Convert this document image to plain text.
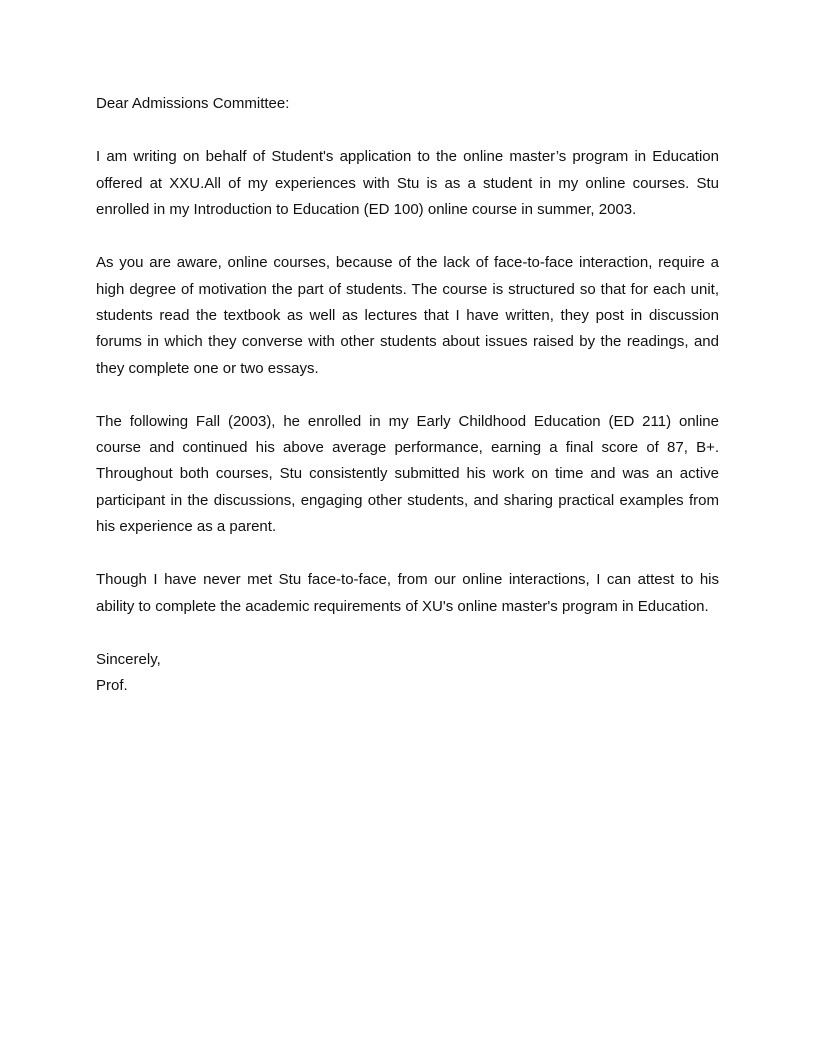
Dear Admissions Committee:

I am writing on behalf of Student's application to the online master’s program in Education offered at XXU.All of my experiences with Stu is as a student in my online courses. Stu enrolled in my Introduction to Education (ED 100) online course in summer, 2003.

As you are aware, online courses, because of the lack of face-to-face interaction, require a high degree of motivation the part of students. The course is structured so that for each unit, students read the textbook as well as lectures that I have written, they post in discussion forums in which they converse with other students about issues raised by the readings, and they complete one or two essays.

The following Fall (2003), he enrolled in my Early Childhood Education (ED 211) online course and continued his above average performance, earning a final score of 87, B+. Throughout both courses, Stu consistently submitted his work on time and was an active participant in the discussions, engaging other students, and sharing practical examples from his experience as a parent.

Though I have never met Stu face-to-face, from our online interactions, I can attest to his ability to complete the academic requirements of XU's online master's program in Education.

Sincerely,

Prof.
